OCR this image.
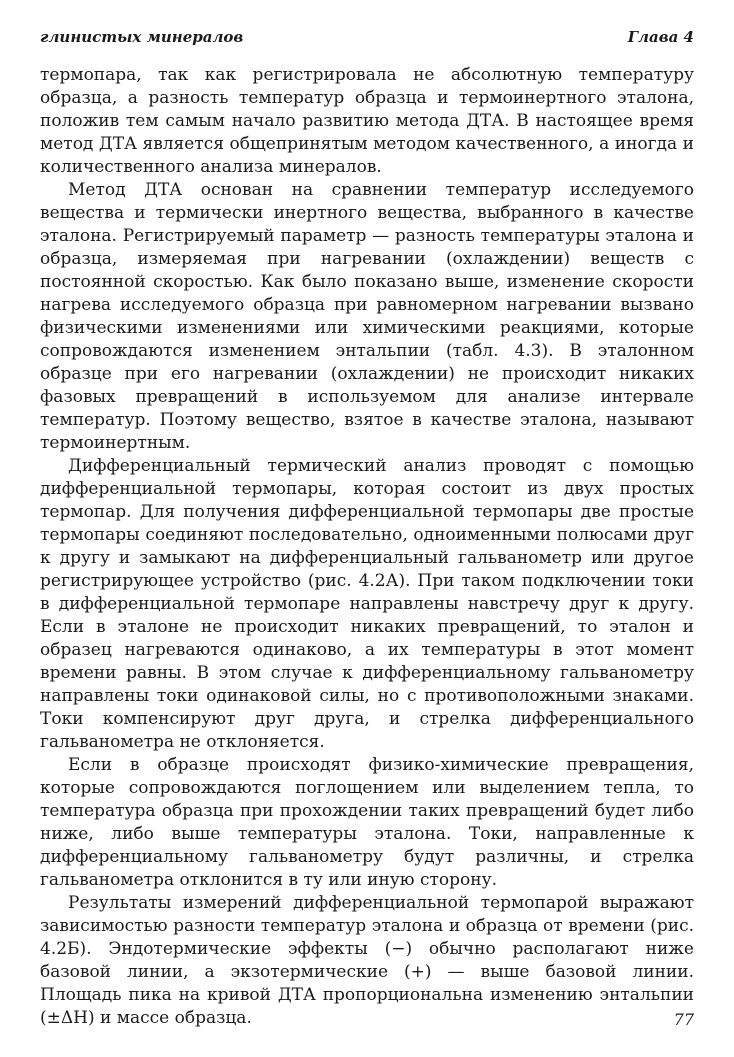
глинистых минералов	Глава 4

термопара, так как регистрировала не абсолютную температуру образца, а разность температур образца и термоинертного эталона, положив тем самым начало развитию метода ДТА. В настоящее время метод ДТА является общепринятым методом качественного, а иногда и количественного анализа минералов.

Метод ДТА основан на сравнении температур исследуемого вещества и термически инертного вещества, выбранного в качестве эталона. Регистрируемый параметр — разность температуры эталона и образца, измеряемая при нагревании (охлаждении) веществ с постоянной скоростью. Как было показано выше, изменение скорости нагрева исследуемого образца при равномерном нагревании вызвано физическими изменениями или химическими реакциями, которые сопровождаются изменением энтальпии (табл. 4.3). В эталонном образце при его нагревании (охлаждении) не происходит никаких фазовых превращений в используемом для анализе интервале температур. Поэтому вещество, взятое в качестве эталона, называют термоинертным.

Дифференциальный термический анализ проводят с помощью дифференциальной термопары, которая состоит из двух простых термопар. Для получения дифференциальной термопары две простые термопары соединяют последовательно, одноименными полюсами друг к другу и замыкают на дифференциальный гальванометр или другое регистрирующее устройство (рис. 4.2А). При таком подключении токи в дифференциальной термопаре направлены навстречу друг к другу. Если в эталоне не происходит никаких превращений, то эталон и образец нагреваются одинаково, а их температуры в этот момент времени равны. В этом случае к дифференциальному гальванометру направлены токи одинаковой силы, но с противоположными знаками. Токи компенсируют друг друга, и стрелка дифференциального гальванометра не отклоняется.

Если в образце происходят физико-химические превращения, которые сопровождаются поглощением или выделением тепла, то температура образца при прохождении таких превращений будет либо ниже, либо выше температуры эталона. Токи, направленные к дифференциальному гальванометру будут различны, и стрелка гальванометра отклонится в ту или иную сторону.

Результаты измерений дифференциальной термопарой выражают зависимостью разности температур эталона и образца от времени (рис. 4.2Б). Эндотермические эффекты (−) обычно располагают ниже базовой линии, а экзотермические (+) — выше базовой линии. Площадь пика на кривой ДТА пропорциональна изменению энтальпии (±ΔH) и массе образца.	77
